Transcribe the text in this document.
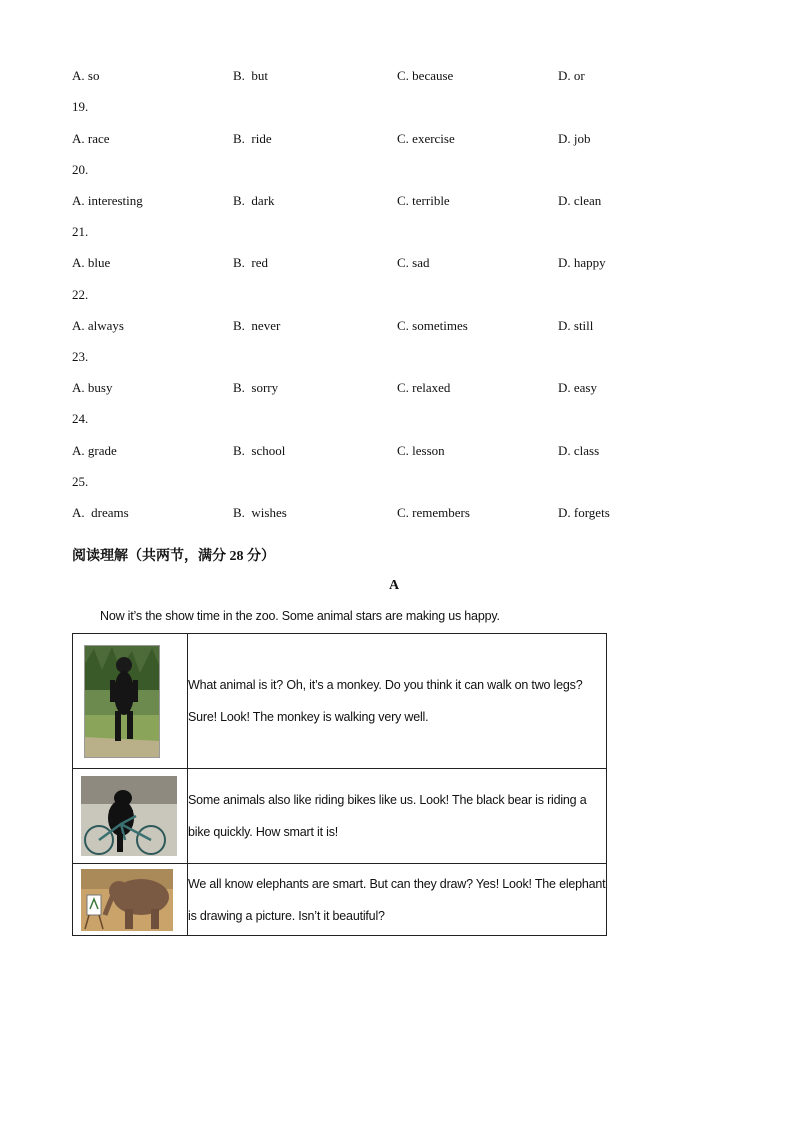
A. so	B.  but	C. because	D. or
19.
A. race	B.  ride	C. exercise	D. job
20.
A. interesting	B.  dark	C. terrible	D. clean
21.
A. blue	B.  red	C. sad	D. happy
22.
A. always	B.  never	C. sometimes	D. still
23.
A. busy	B.  sorry	C. relaxed	D. easy
24.
A. grade	B.  school	C. lesson	D. class
25.
A.  dreams	B.  wishes	C. remembers	D. forgets
阅读理解（共两节，满分 28 分）
A
Now it’s the show time in the zoo. Some animal stars are making us happy.
	What animal is it? Oh, it’s a monkey. Do you think it can walk on two legs? Sure! Look! The monkey is walking very well.

	Some animals also like riding bikes like us. Look! The black bear is riding a bike quickly. How smart it is!

	We all know elephants are smart. But can they draw? Yes! Look! The elephant is drawing a picture. Isn’t it beautiful?
